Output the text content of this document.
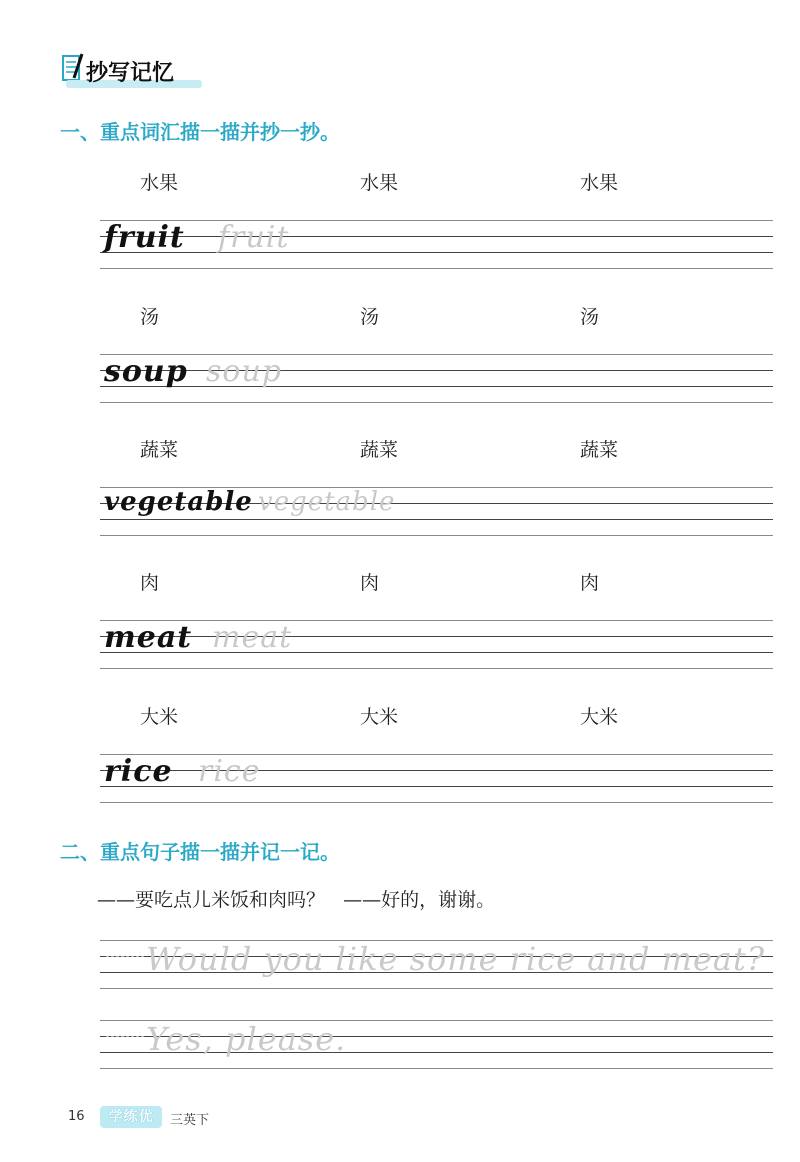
抄写记忆
一、重点词汇描一描并抄一抄。
水果	水果	水果
fruit fruit
汤	汤	汤
soup soup
蔬菜	蔬菜	蔬菜
vegetable vegetable
肉	肉	肉
meat meat
大米	大米	大米
rice rice
二、重点句子描一描并记一记。
——要吃点儿米饭和肉吗？ ——好的，谢谢。
Would you like some rice and meat?
Yes, please.
16	学练优	三英下
